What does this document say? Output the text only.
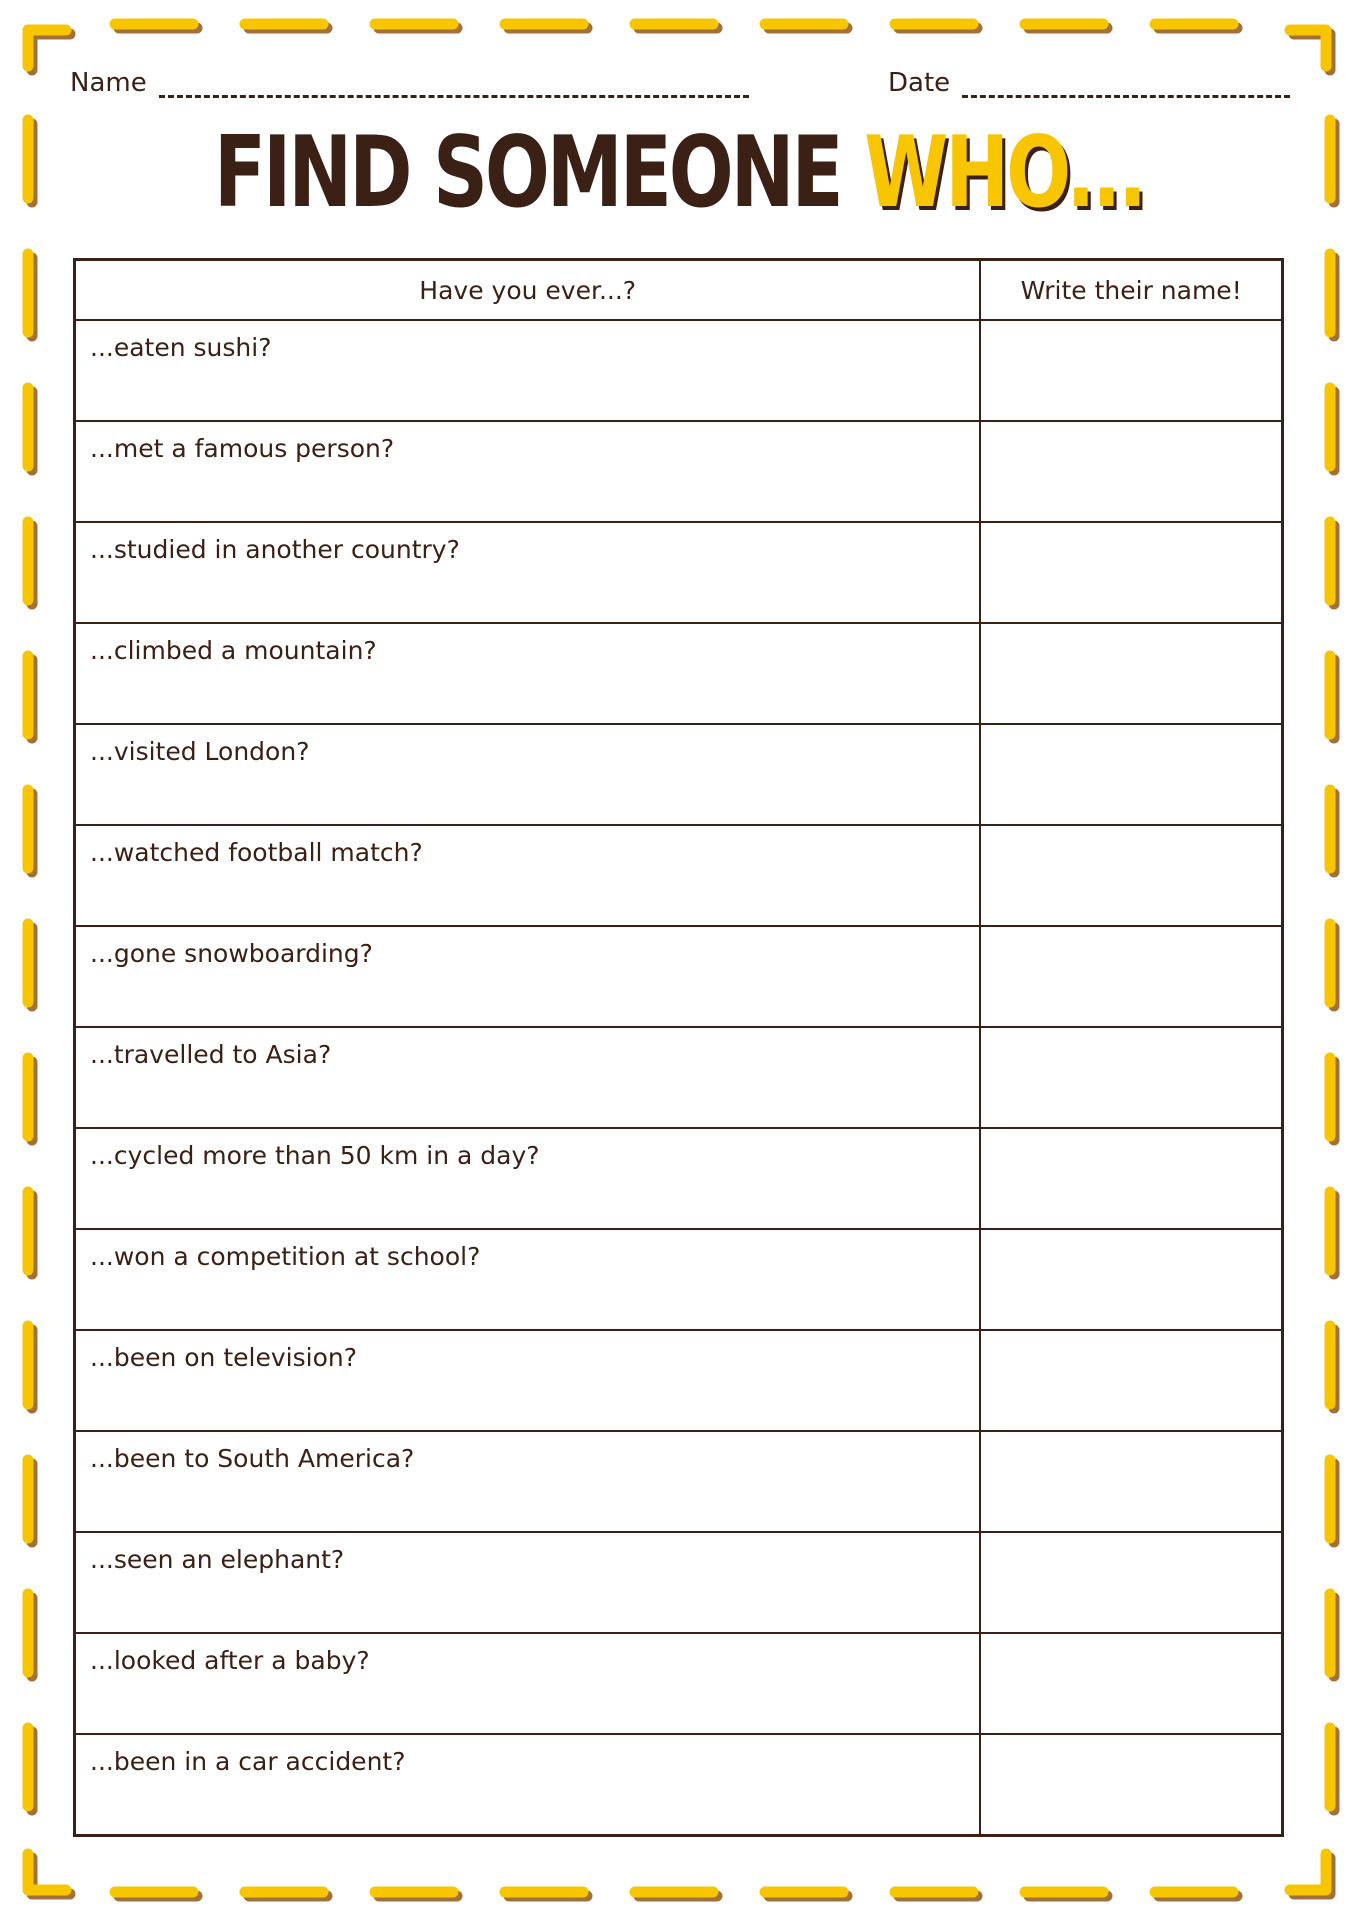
Name	Date
FIND SOMEONE WHO...
Have you ever...?	Write their name!

...eaten sushi?	

...met a famous person?	

...studied in another country?	

...climbed a mountain?	

...visited London?	

...watched football match?	

...gone snowboarding?	

...travelled to Asia?	

...cycled more than 50 km in a day?	

...won a competition at school?	

...been on television?	

...been to South America?	

...seen an elephant?	

...looked after a baby?	

...been in a car accident?	
